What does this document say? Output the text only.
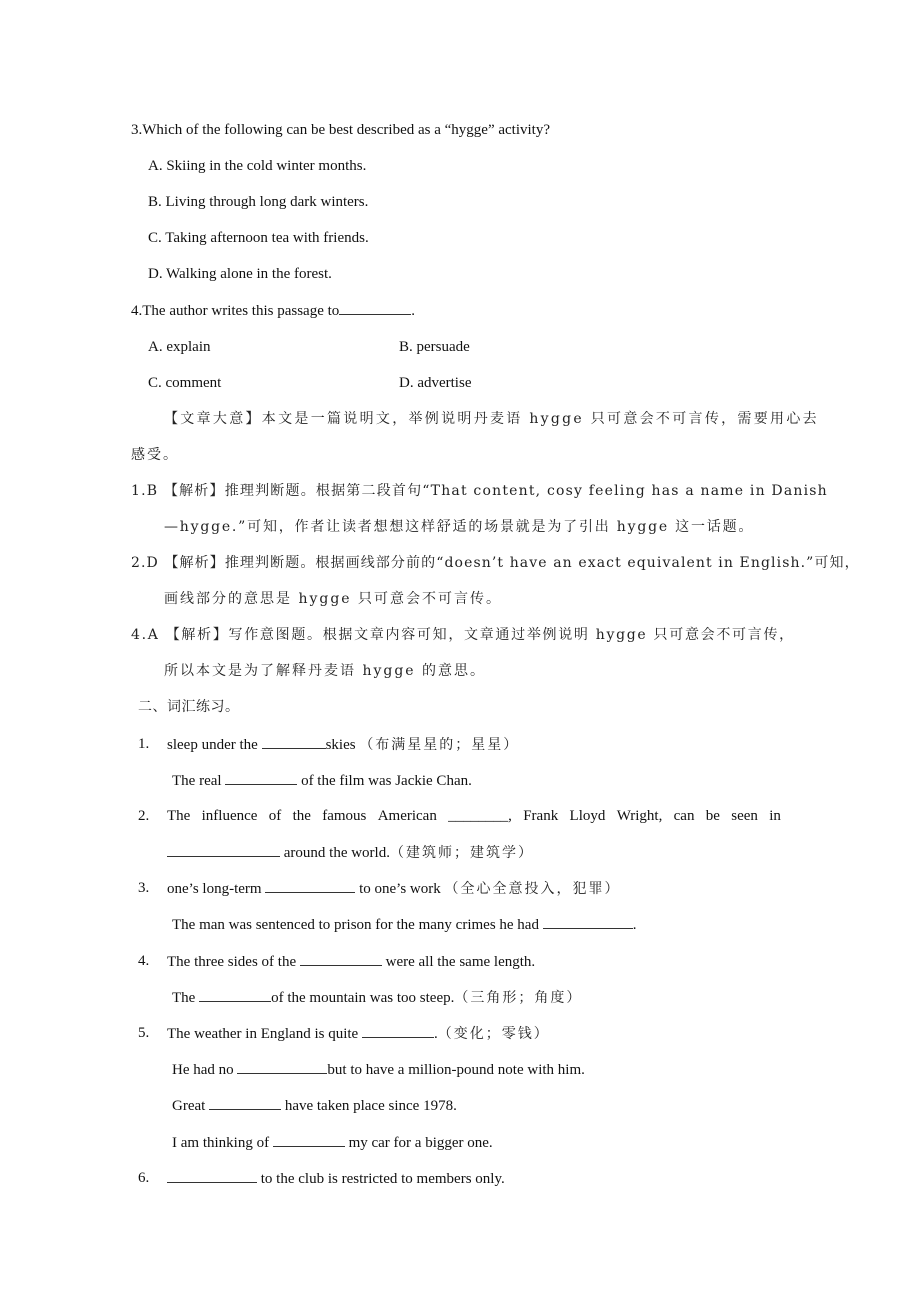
3.Which of the following can be best described as a “hygge” activity?
A. Skiing in the cold winter months.
B. Living through long dark winters.
C. Taking afternoon tea with friends.
D. Walking alone in the forest.
4.The author writes this passage to	.
A. explain	B. persuade
C. comment	D. advertise
【文章大意】本文是一篇说明文，举例说明丹麦语 hygge 只可意会不可言传，需要用心去
感受。
1.B 【解析】推理判断题。根据第二段首句“That content, cosy feeling has a name in Danish
—hygge.”可知，作者让读者想想这样舒适的场景就是为了引出 hygge 这一话题。
2.D 【解析】推理判断题。根据画线部分前的“doesn’t have an exact equivalent in English.”可知，
画线部分的意思是 hygge 只可意会不可言传。
4.A 【解析】写作意图题。根据文章内容可知，文章通过举例说明 hygge 只可意会不可言传，
所以本文是为了解释丹麦语 hygge 的意思。
二、词汇练习。
1. sleep under the	skies （布满星星的；星星）
The real	of the film was Jackie Chan.
2. The influence of the famous American ________, Frank Lloyd Wright, can be seen in
around the world.（建筑师；建筑学）
3. one’s long-term	to one’s work （全心全意投入，犯罪）
The man was sentenced to prison for the many crimes he had	.
4. The three sides of the	were all the same length.
The	of the mountain was too steep.（三角形；角度）
5. The weather in England is quite	.（变化；零钱）
He had no	but to have a million-pound note with him.
Great	have taken place since 1978.
I am thinking of	my car for a bigger one.
6.	to the club is restricted to members only.
